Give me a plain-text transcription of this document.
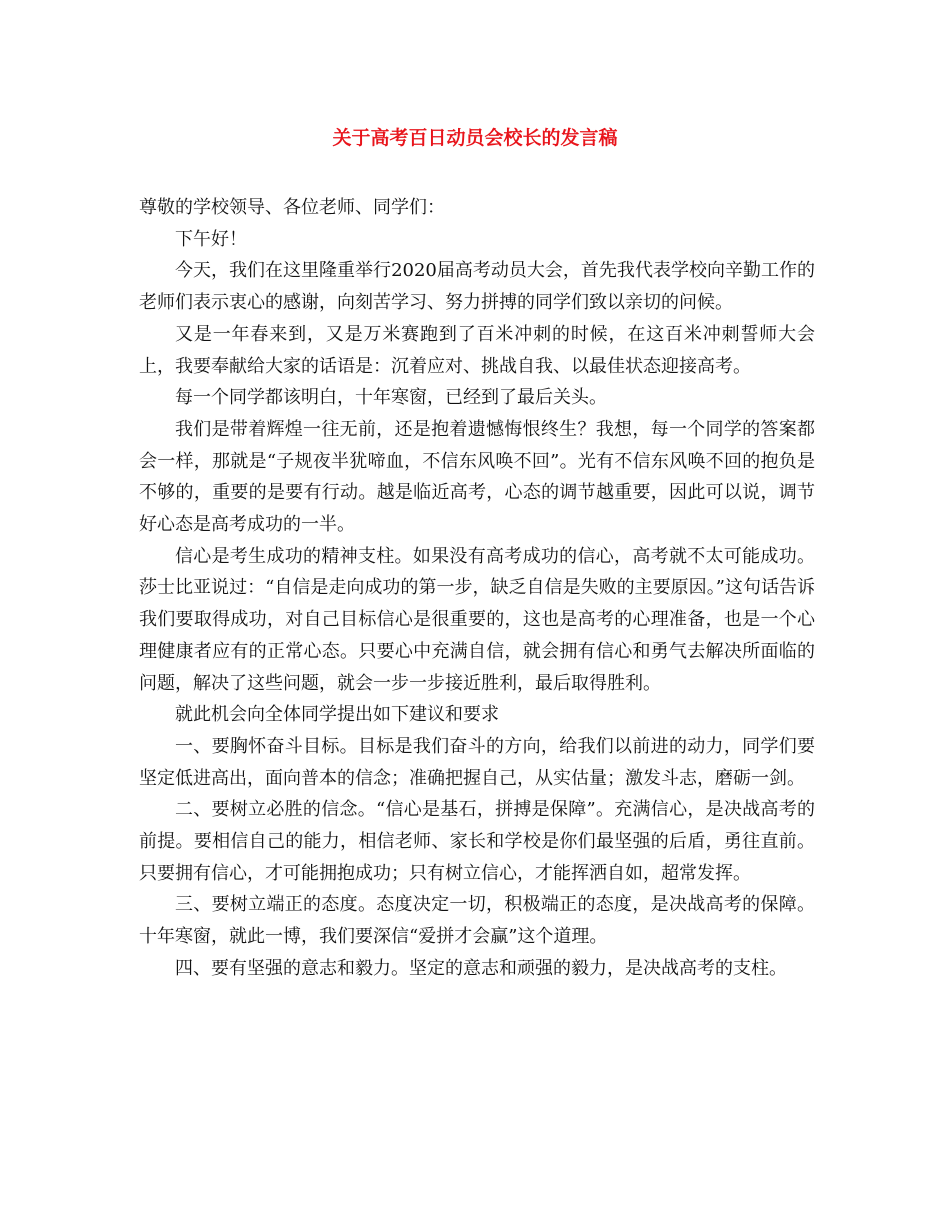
关于高考百日动员会校长的发言稿

尊敬的学校领导、各位老师、同学们：

下午好！

今天，我们在这里隆重举行2020届高考动员大会，首先我代表学校向辛勤工作的老师们表示衷心的感谢，向刻苦学习、努力拼搏的同学们致以亲切的问候。

又是一年春来到，又是万米赛跑到了百米冲刺的时候，在这百米冲刺誓师大会上，我要奉献给大家的话语是：沉着应对、挑战自我、以最佳状态迎接高考。

每一个同学都该明白，十年寒窗，已经到了最后关头。

我们是带着辉煌一往无前，还是抱着遗憾悔恨终生？我想，每一个同学的答案都会一样，那就是“子规夜半犹啼血，不信东风唤不回”。光有不信东风唤不回的抱负是不够的，重要的是要有行动。越是临近高考，心态的调节越重要，因此可以说，调节好心态是高考成功的一半。

信心是考生成功的精神支柱。如果没有高考成功的信心，高考就不太可能成功。莎士比亚说过：“自信是走向成功的第一步，缺乏自信是失败的主要原因。”这句话告诉我们要取得成功，对自己目标信心是很重要的，这也是高考的心理准备，也是一个心理健康者应有的正常心态。只要心中充满自信，就会拥有信心和勇气去解决所面临的问题，解决了这些问题，就会一步一步接近胜利，最后取得胜利。

就此机会向全体同学提出如下建议和要求

一、要胸怀奋斗目标。目标是我们奋斗的方向，给我们以前进的动力，同学们要坚定低进高出，面向普本的信念；准确把握自己，从实估量；激发斗志，磨砺一剑。

二、要树立必胜的信念。“信心是基石，拼搏是保障”。充满信心，是决战高考的前提。要相信自己的能力，相信老师、家长和学校是你们最坚强的后盾，勇往直前。只要拥有信心，才可能拥抱成功；只有树立信心，才能挥洒自如，超常发挥。

三、要树立端正的态度。态度决定一切，积极端正的态度，是决战高考的保障。十年寒窗，就此一博，我们要深信“爱拼才会赢”这个道理。

四、要有坚强的意志和毅力。坚定的意志和顽强的毅力，是决战高考的支柱。
